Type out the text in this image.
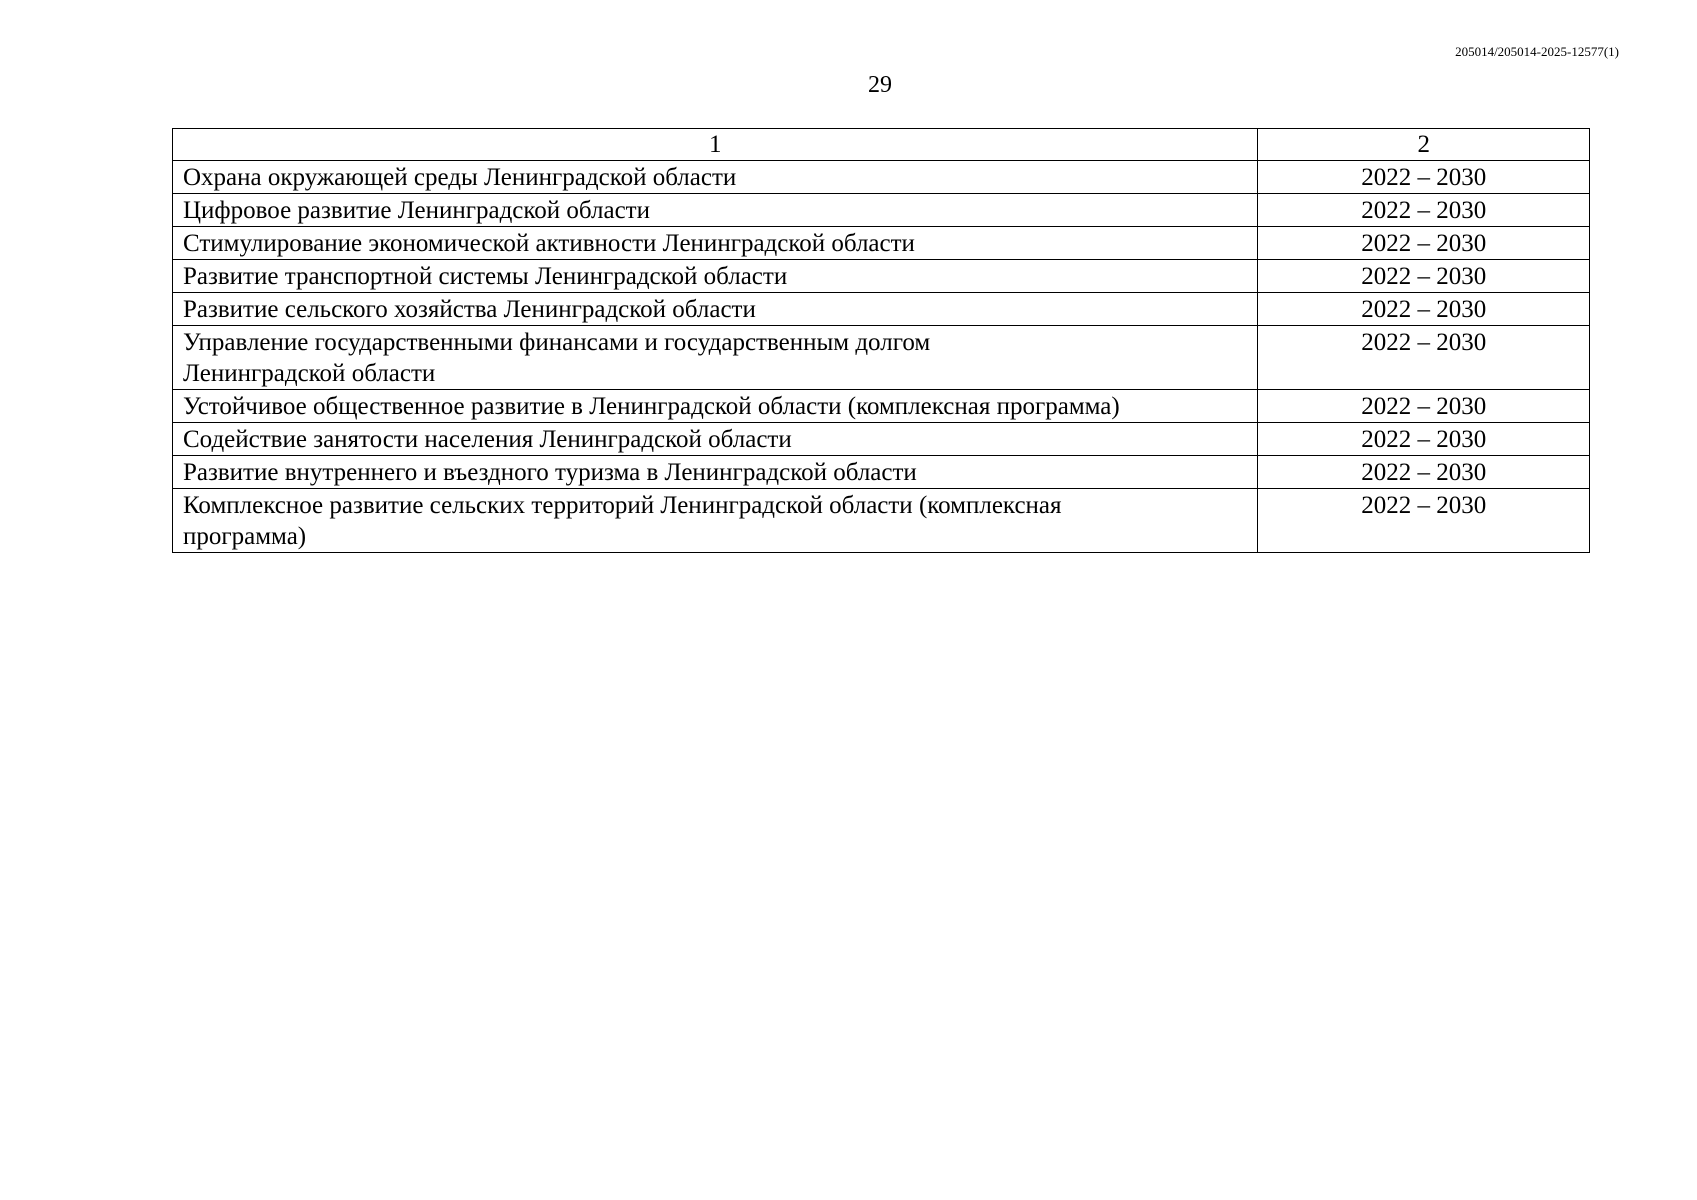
205014/205014-2025-12577(1)
29
1	2
Охрана окружающей среды Ленинградской области	2022 – 2030
Цифровое развитие Ленинградской области	2022 – 2030
Стимулирование экономической активности Ленинградской области	2022 – 2030
Развитие транспортной системы Ленинградской области	2022 – 2030
Развитие сельского хозяйства Ленинградской области	2022 – 2030
Управление государственными финансами и государственным долгом
Ленинградской области	2022 – 2030
Устойчивое общественное развитие в Ленинградской области (комплексная программа)	2022 – 2030
Содействие занятости населения Ленинградской области	2022 – 2030
Развитие внутреннего и въездного туризма в Ленинградской области	2022 – 2030
Комплексное развитие сельских территорий Ленинградской области (комплексная
программа)	2022 – 2030
